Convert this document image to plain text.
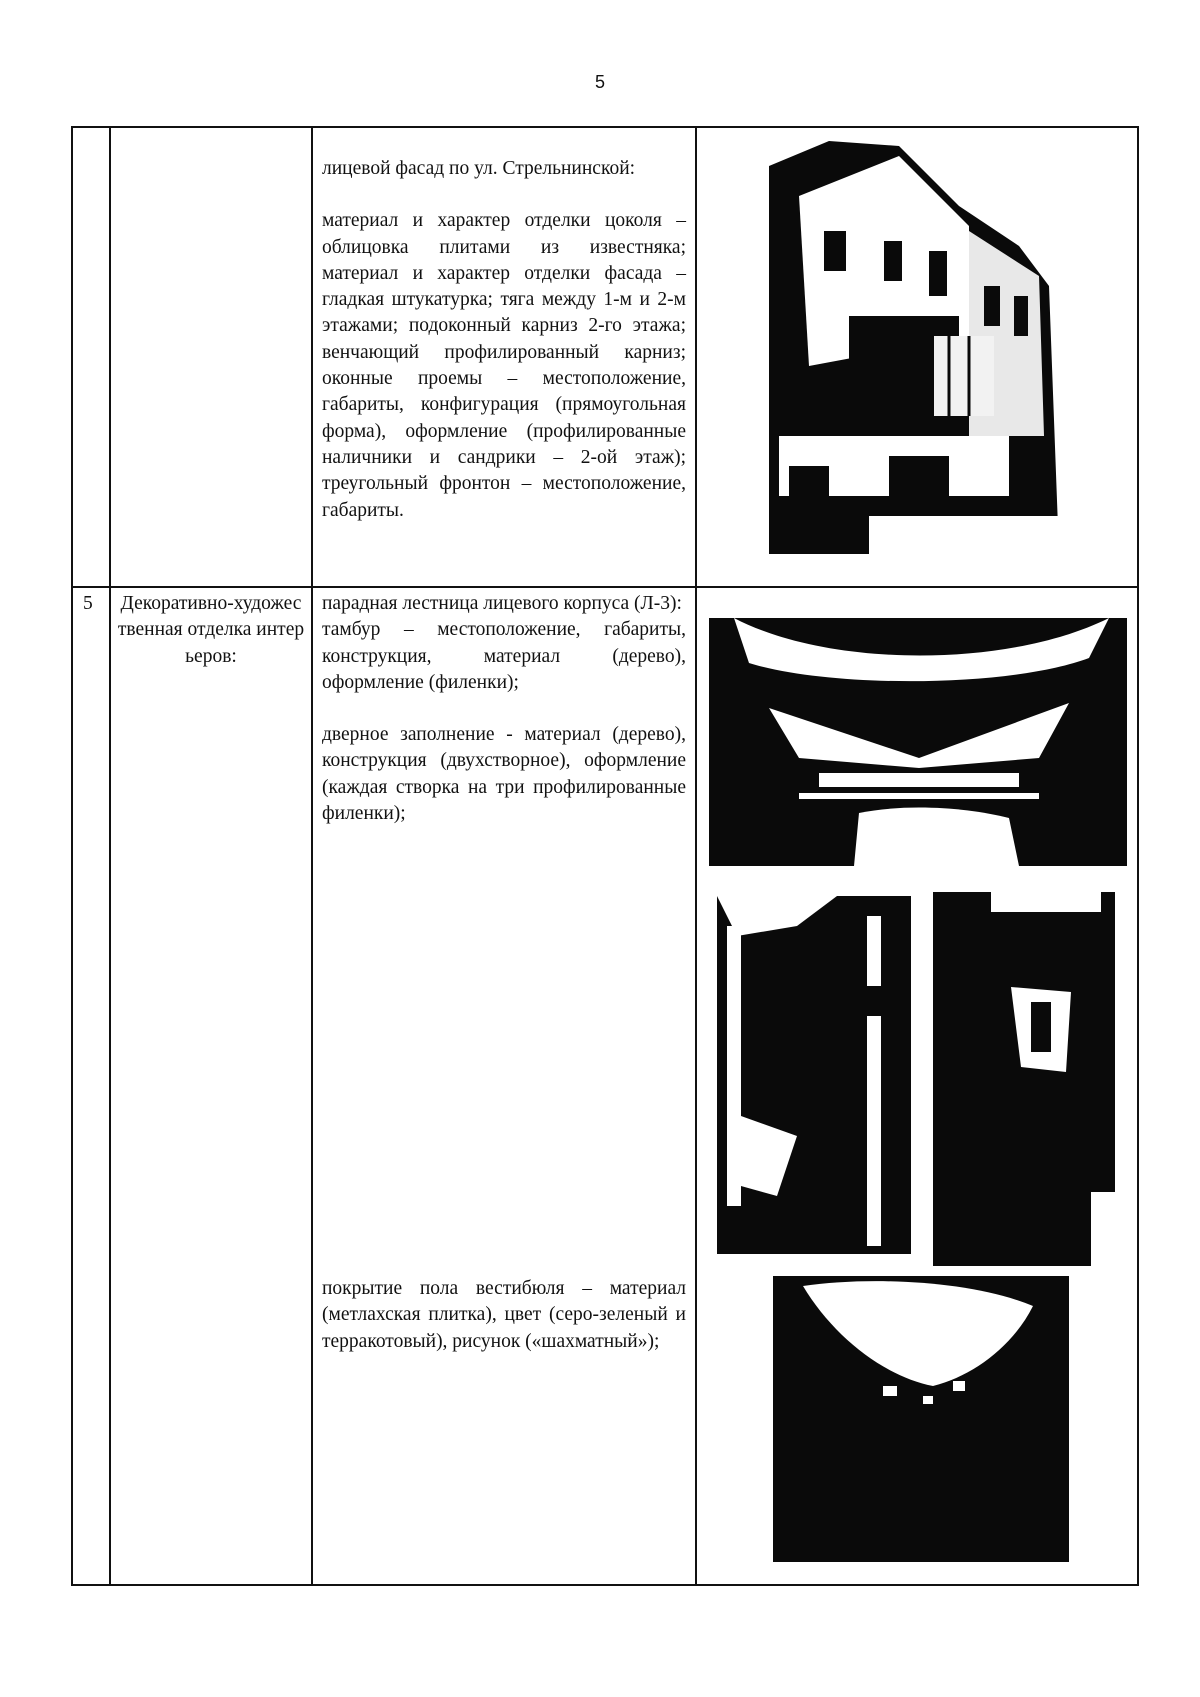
5

лицевой фасад по ул. Стрельнинской:

материал и характер отделки цоколя – облицовка плитами из известняка; материал и характер отделки фасада – гладкая штукатурка; тяга между 1-м и 2-м этажами; подоконный карниз 2-го этажа; венчающий профилированный карниз; оконные проемы – местоположение, габариты, конфигурация (прямоугольная форма), оформление (профилированные наличники и сандрики – 2-ой этаж); треугольный фронтон – местоположение, габариты.

5	Декоративно-художественная отделка интерьеров:

парадная лестница лицевого корпуса (Л-3):

тамбур – местоположение, габариты, конструкция, материал (дерево), оформление (филенки);

дверное заполнение - материал (дерево), конструкция (двухстворное), оформление (каждая створка на три профилированные филенки);

покрытие пола вестибюля – материал (метлахская плитка), цвет (серо-зеленый и терракотовый), рисунок («шахматный»);
